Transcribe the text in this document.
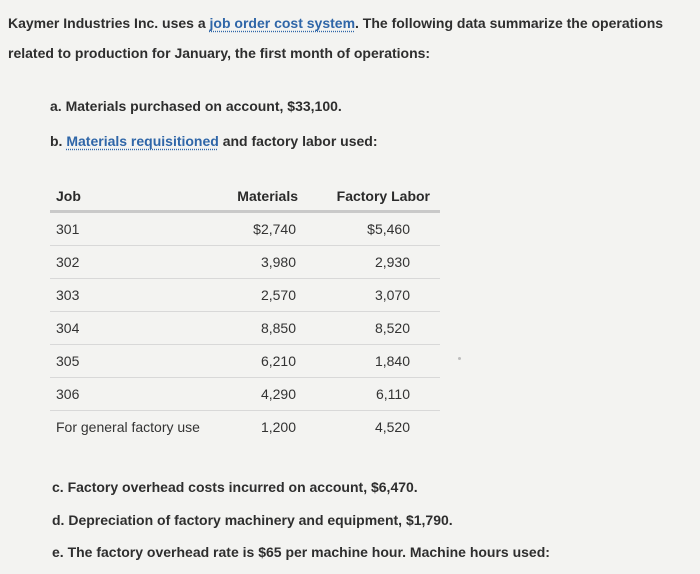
Kaymer Industries Inc. uses a job order cost system. The following data summarize the operations related to production for January, the first month of operations:
a. Materials purchased on account, $33,100.
b. Materials requisitioned and factory labor used:
Job	Materials	Factory Labor
301	$2,740	$5,460
302	3,980	2,930
303	2,570	3,070
304	8,850	8,520
305	6,210	1,840
306	4,290	6,110
For general factory use	1,200	4,520
c. Factory overhead costs incurred on account, $6,470.
d. Depreciation of factory machinery and equipment, $1,790.
e. The factory overhead rate is $65 per machine hour. Machine hours used:
